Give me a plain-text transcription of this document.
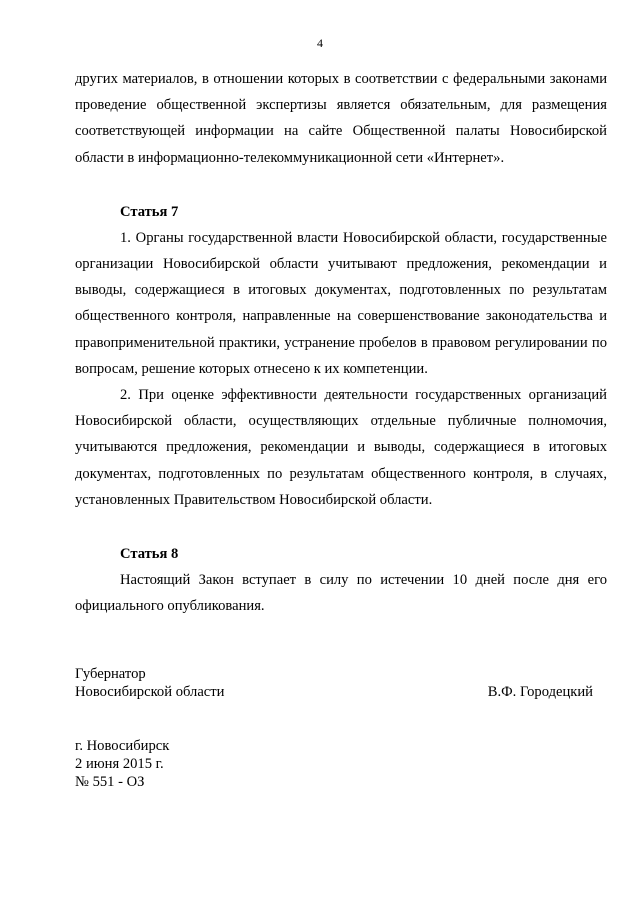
4

других материалов, в отношении которых в соответствии с федеральными законами проведение общественной экспертизы является обязательным, для размещения соответствующей информации на сайте Общественной палаты Новосибирской области в информационно-телекоммуникационной сети «Интернет».

Статья 7

1. Органы государственной власти Новосибирской области, государственные организации Новосибирской области учитывают предложения, рекомендации и выводы, содержащиеся в итоговых документах, подготовленных по результатам общественного контроля, направленные на совершенствование законодательства и правоприменительной практики, устранение пробелов в правовом регулировании по вопросам, решение которых отнесено к их компетенции.

2. При оценке эффективности деятельности государственных организаций Новосибирской области, осуществляющих отдельные публичные полномочия, учитываются предложения, рекомендации и выводы, содержащиеся в итоговых документах, подготовленных по результатам общественного контроля, в случаях, установленных Правительством Новосибирской области.

Статья 8

Настоящий Закон вступает в силу по истечении 10 дней после дня его официального опубликования.

Губернатор

Новосибирской области	В.Ф. Городецкий

г. Новосибирск

2 июня 2015 г.

№ 551 - ОЗ
